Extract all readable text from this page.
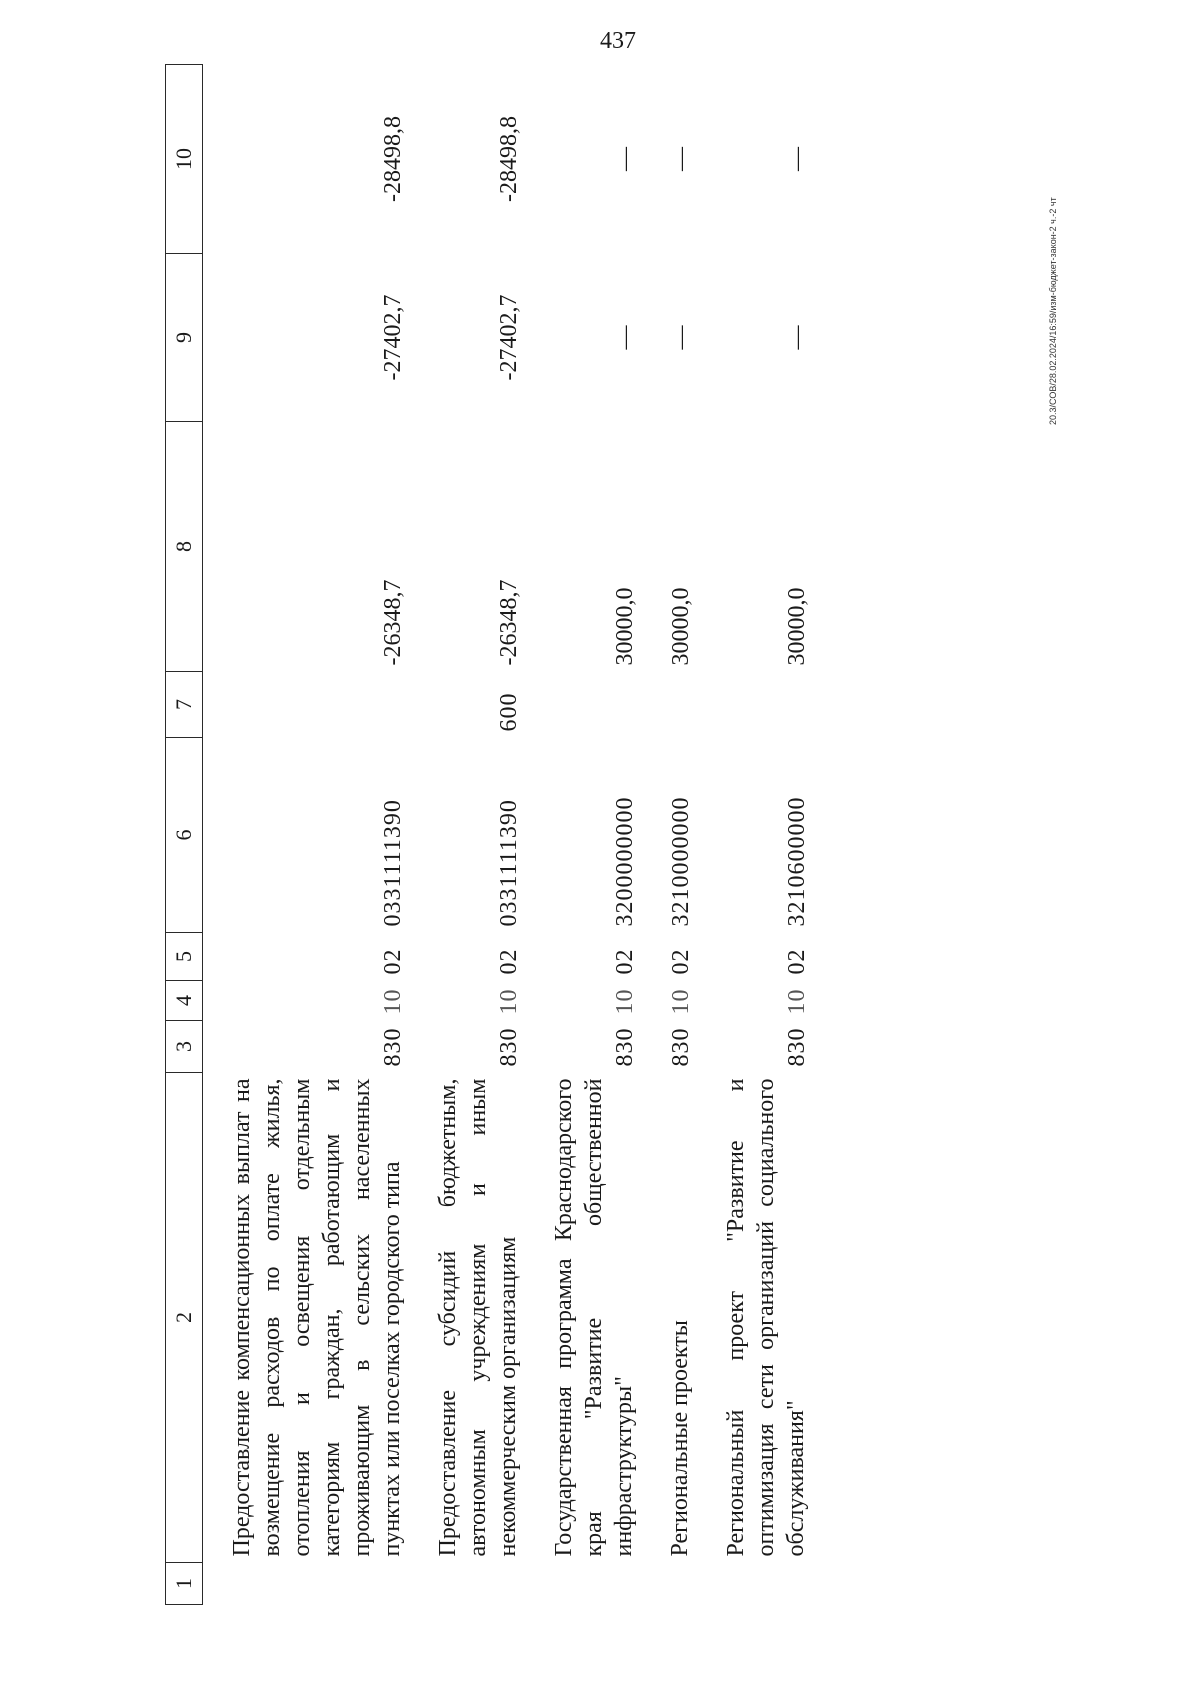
437
1	2	3	4	5	6	7	8	9	10
	Предоставление компенсационных выплат на возмещение расходов по оплате жилья, отопления и освещения отдельным категориям граждан, работающим и проживающим в сельских населенных пунктах или поселках городского типа	830	10	02	0331111390		-26348,7	-27402,7	-28498,8
	Предоставление субсидий бюджетным, автономным учреждениям и иным некоммерческим организациям	830	10	02	0331111390	600	-26348,7	-27402,7	-28498,8
	Государственная программа Краснодарского края "Развитие общественной инфраструктуры"	830	10	02	3200000000		30000,0	—	—
	Региональные проекты	830	10	02	3210000000		30000,0	—	—
	Региональный проект "Развитие и оптимизация сети организаций социального обслуживания"	830	10	02	3210600000		30000,0	—	—
20.3/СОВ/28.02.2024/16:59/изм-бюджет-закон-2 ч.-2 чт
